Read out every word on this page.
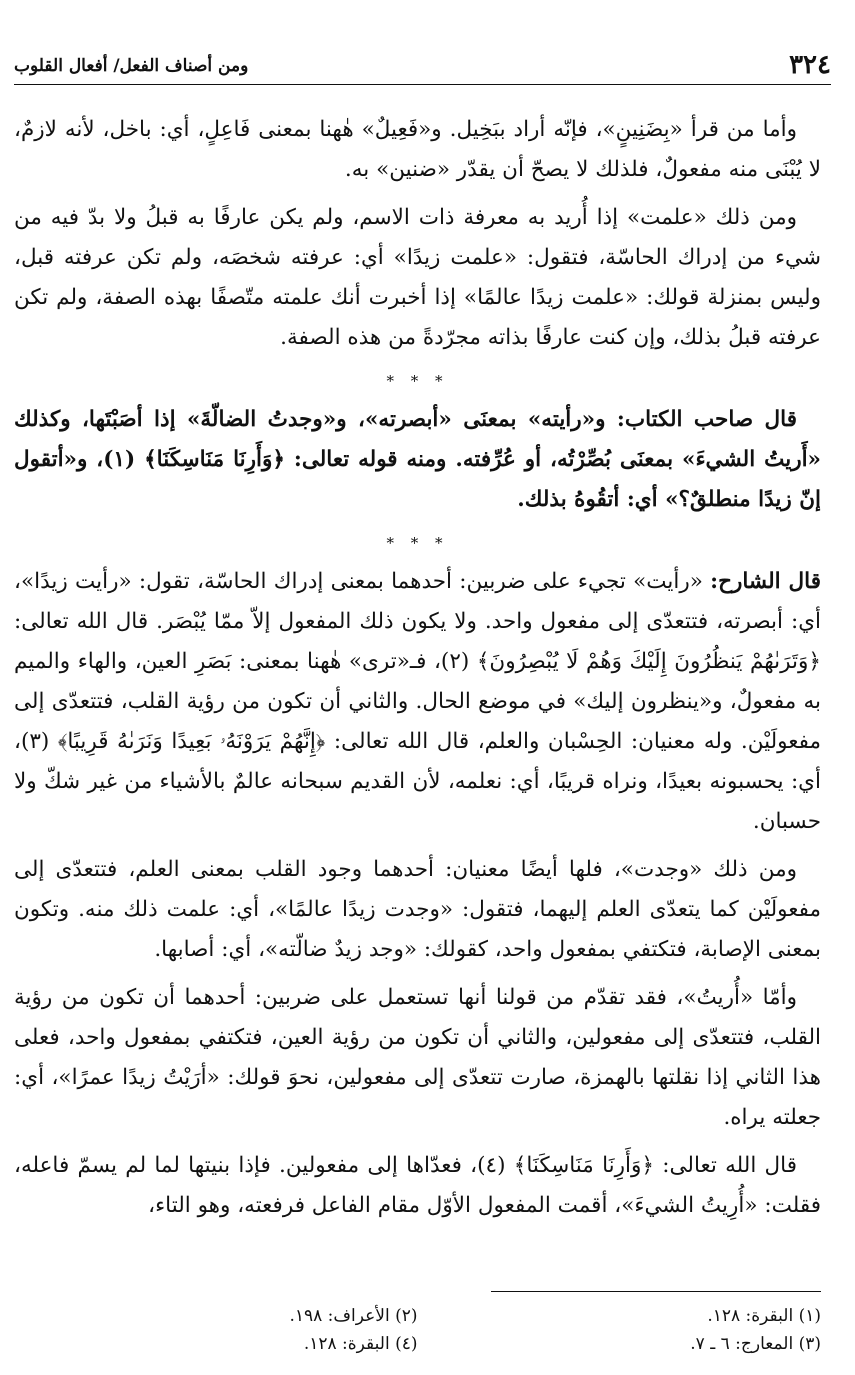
٣٢٤
ومن أصناف الفعل/ أفعال القلوب

وأما من قرأ «بِضَنِينٍ»، فإنّه أراد ببَخِيل. و«فَعِيلٌ» هٰهنا بمعنى فَاعِلٍ، أي: باخل، لأنه لازمٌ، لا يُبْنَى منه مفعولٌ، فلذلك لا يصحّ أن يقدّر «ضنين» به.

ومن ذلك «علمت» إذا أُريد به معرفة ذات الاسم، ولم يكن عارفًا به قبلُ ولا بدّ فيه من شيء من إدراك الحاسّة، فتقول: «علمت زيدًا» أي: عرفته شخصَه، ولم تكن عرفته قبل، وليس بمنزلة قولك: «علمت زيدًا عالمًا» إذا أخبرت أنك علمته متّصفًا بهذه الصفة، ولم تكن عرفته قبلُ بذلك، وإن كنت عارفًا بذاته مجرّدةً من هذه الصفة.

* * *

قال صاحب الكتاب: و«رأيته» بمعنَى «أبصرته»، و«وجدتُ الضالّةَ» إذا أصَبْتَها، وكذلك «أَريتُ الشيءَ» بمعنَى بُصِّرْتُه، أو عُرِّفته. ومنه قوله تعالى: ﴿وَأَرِنَا مَنَاسِكَنَا﴾ (١)، و«أتقول إنّ زيدًا منطلقٌ؟» أي: أتقُوهُ بذلك.

* * *

قال الشارح: «رأيت» تجيء على ضربين: أحدهما بمعنى إدراك الحاسّة، تقول: «رأيت زيدًا»، أي: أبصرته، فتتعدّى إلى مفعول واحد. ولا يكون ذلك المفعول إلاّ ممّا يُبْصَر. قال الله تعالى: ﴿وَتَرَىٰهُمْ يَنظُرُونَ إِلَيْكَ وَهُمْ لَا يُبْصِرُونَ﴾ (٢)، فـ«ترى» هٰهنا بمعنى: بَصَرِ العين، والهاء والميم به مفعولٌ، و«ينظرون إليك» في موضع الحال. والثاني أن تكون من رؤية القلب، فتتعدّى إلى مفعولَيْن. وله معنيان: الحِسْبان والعلم، قال الله تعالى: ﴿إِنَّهُمْ يَرَوْنَهُۥ بَعِيدًا وَنَرَىٰهُ قَرِيبًا﴾ (٣)، أي: يحسبونه بعيدًا، ونراه قريبًا، أي: نعلمه، لأن القديم سبحانه عالمٌ بالأشياء من غير شكّ ولا حسبان.

ومن ذلك «وجدت»، فلها أيضًا معنيان: أحدهما وجود القلب بمعنى العلم، فتتعدّى إلى مفعولَيْن كما يتعدّى العلم إليهما، فتقول: «وجدت زيدًا عالمًا»، أي: علمت ذلك منه. وتكون بمعنى الإصابة، فتكتفي بمفعول واحد، كقولك: «وجد زيدٌ ضالّته»، أي: أصابها.

وأمّا «أُريتُ»، فقد تقدّم من قولنا أنها تستعمل على ضربين: أحدهما أن تكون من رؤية القلب، فتتعدّى إلى مفعولين، والثاني أن تكون من رؤية العين، فتكتفي بمفعول واحد، فعلى هذا الثاني إذا نقلتها بالهمزة، صارت تتعدّى إلى مفعولين، نحوَ قولك: «أرَيْتُ زيدًا عمرًا»، أي: جعلته يراه.

قال الله تعالى: ﴿وَأَرِنَا مَنَاسِكَنَا﴾ (٤)، فعدّاها إلى مفعولين. فإذا بنيتها لما لم يسمّ فاعله، فقلت: «أُرِيتُ الشيءَ»، أقمت المفعول الأوّل مقام الفاعل فرفعته، وهو التاء،

(١) البقرة: ١٢٨.
(٢) الأعراف: ١٩٨.
(٣) المعارج: ٦ ـ ٧.
(٤) البقرة: ١٢٨.
